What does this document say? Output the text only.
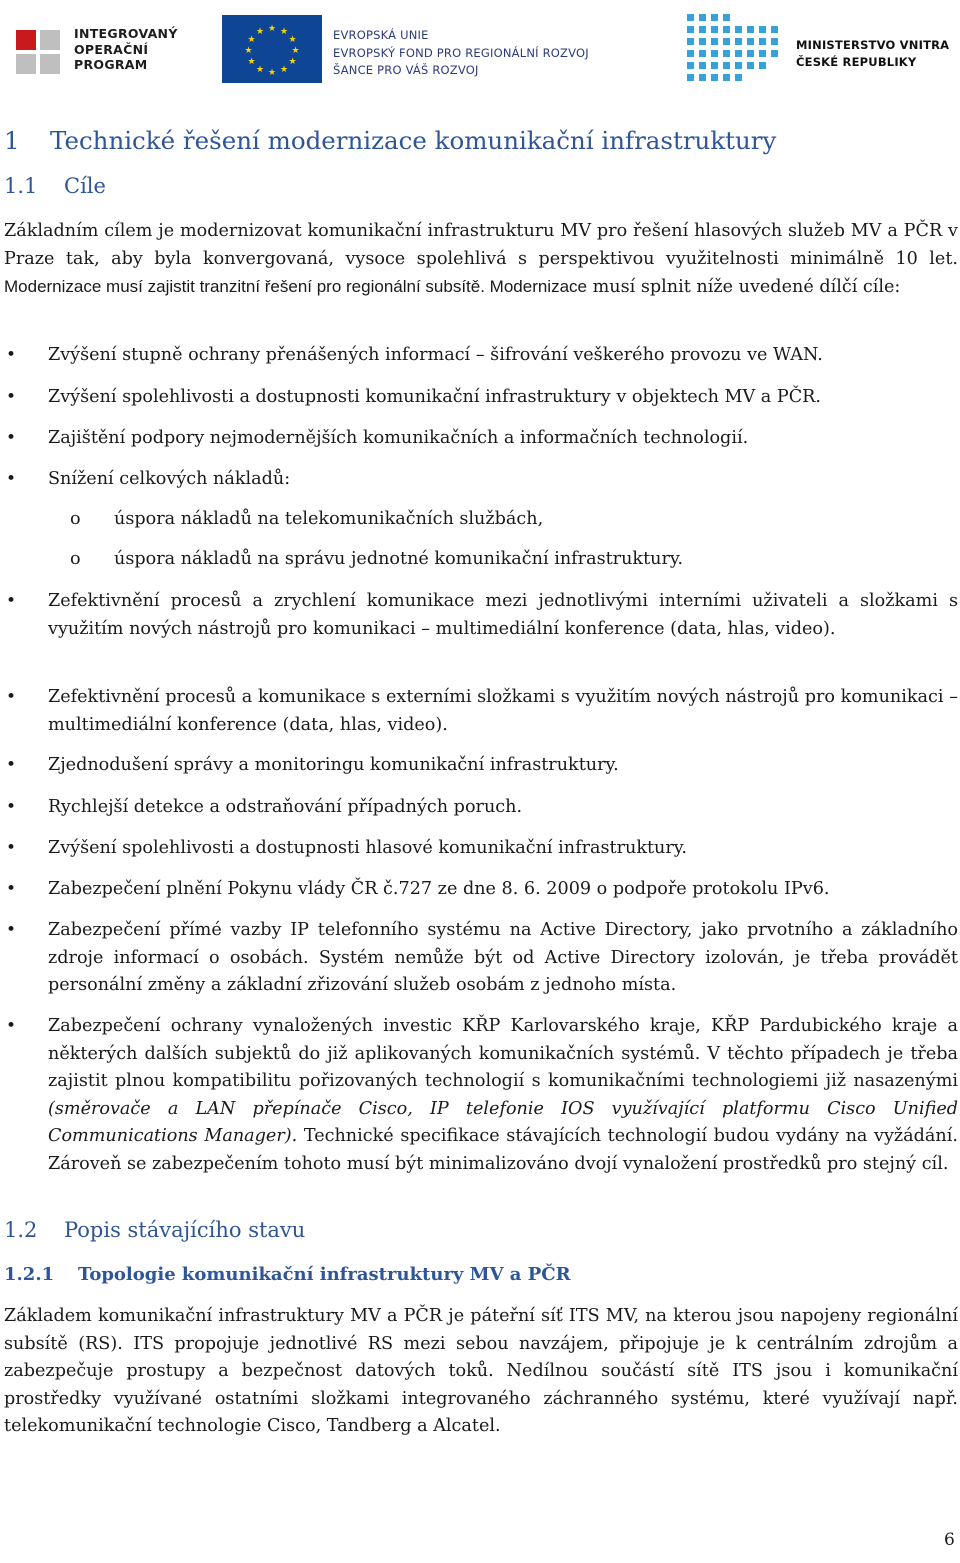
INTEGROVANÝ
OPERAČNÍ
PROGRAM
★ ★
★
★
★
★
★
★
★
★
★
★	EVROPSKÁ UNIE
EVROPSKÝ FOND PRO REGIONÁLNÍ ROZVOJ
ŠANCE PRO VÁŠ ROZVOJ
MINISTERSTVO VNITRA
ČESKÉ REPUBLIKY
1 Technické řešení modernizace komunikační infrastruktury
1.1 Cíle

Základním cílem je modernizovat komunikační infrastrukturu MV pro řešení hlasových služeb MV a PČR v Praze tak, aby byla konvergovaná, vysoce spolehlivá s perspektivou využitelnosti minimálně 10 let. Modernizace musí zajistit tranzitní řešení pro regionální subsítě. Modernizace musí splnit níže uvedené dílčí cíle:

•
Zvýšení stupně ochrany přenášených informací – šifrování veškerého provozu ve WAN.
•
Zvýšení spolehlivosti a dostupnosti komunikační infrastruktury v objektech MV a PČR.
•
Zajištění podpory nejmodernějších komunikačních a informačních technologií.
•
Snížení celkových nákladů:
o úspora nákladů na telekomunikačních službách,
o úspora nákladů na správu jednotné komunikační infrastruktury.
•
Zefektivnění procesů a zrychlení komunikace mezi jednotlivými interními uživateli a složkami s využitím nových nástrojů pro komunikaci – multimediální konference (data, hlas, video).
•
Zefektivnění procesů a komunikace s externími složkami s využitím nových nástrojů pro komunikaci – multimediální konference (data, hlas, video).
•
Zjednodušení správy a monitoringu komunikační infrastruktury.
•
Rychlejší detekce a odstraňování případných poruch.
•
Zvýšení spolehlivosti a dostupnosti hlasové komunikační infrastruktury.
•
Zabezpečení plnění Pokynu vlády ČR č.727 ze dne 8. 6. 2009 o podpoře protokolu IPv6.
•
Zabezpečení přímé vazby IP telefonního systému na Active Directory, jako prvotního a základního zdroje informací o osobách. Systém nemůže být od Active Directory izolován, je třeba provádět personální změny a základní zřizování služeb osobám z jednoho místa.
•
Zabezpečení ochrany vynaložených investic KŘP Karlovarského kraje, KŘP Pardubického kraje a některých dalších subjektů do již aplikovaných komunikačních systémů. V těchto případech je třeba zajistit plnou kompatibilitu pořizovaných technologií s komunikačními technologiemi již nasazenými (směrovače a LAN přepínače Cisco, IP telefonie IOS využívající platformu Cisco Unified Communications Manager). Technické specifikace stávajících technologií budou vydány na vyžádání. Zároveň se zabezpečením tohoto musí být minimalizováno dvojí vynaložení prostředků pro stejný cíl.
1.2 Popis stávajícího stavu
1.2.1 Topologie komunikační infrastruktury MV a PČR

Základem komunikační infrastruktury MV a PČR je páteřní síť ITS MV, na kterou jsou napojeny regionální subsítě (RS). ITS propojuje jednotlivé RS mezi sebou navzájem, připojuje je k centrálním zdrojům a zabezpečuje prostupy a bezpečnost datových toků. Nedílnou součástí sítě ITS jsou i komunikační prostředky využívané ostatními složkami integrovaného záchranného systému, které využívají např. telekomunikační technologie Cisco, Tandberg a Alcatel.

6
